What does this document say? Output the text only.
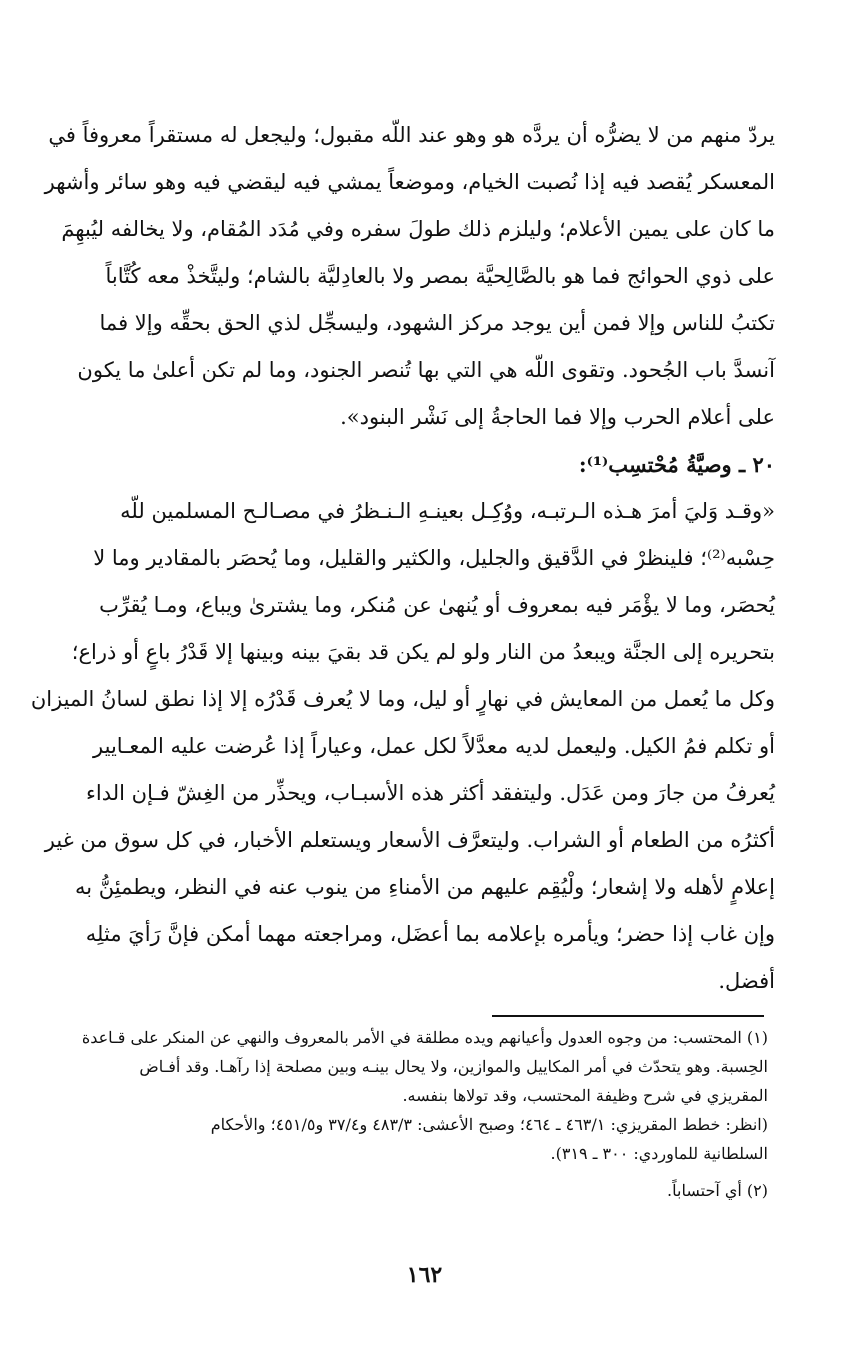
يردّ منهم من لا يضرُّه أن يردَّه هو وهو عند اللّه مقبول؛ وليجعل له مستقراً معروفاً في
المعسكر يُقصد فيه إذا نُصبت الخيام، وموضعاً يمشي فيه ليقضي فيه وهو سائر وأشهر
ما كان على يمين الأعلام؛ وليلزم ذلك طولَ سفره وفي مُدَد المُقام، ولا يخالفه ليُبهِمَ
على ذوي الحوائج فما هو بالصَّالِحيَّة بمصر ولا بالعادِليَّة بالشام؛ وليتَّخذْ معه كُتَّاباً
تكتبُ للناس وإلا فمن أين يوجد مركز الشهود، وليسجِّل لذي الحق بحقِّه وإلا فما
آنسدَّ باب الجُحود. وتقوى اللّه هي التي بها تُنصر الجنود، وما لم تكن أعلىٰ ما يكون
على أعلام الحرب وإلا فما الحاجةُ إلى نَشْر البنود».
٢٠ ـ وصيَّةُ مُحْتسِب⁽¹⁾:
«وقـد وَليَ أمرَ هـذه الـرتبـه، ووُكِـل بعينـهِ الـنـظرُ في مصـالـح المسلمين للّه
حِسْبه⁽²⁾؛ فلينظرْ في الدَّقيق والجليل، والكثير والقليل، وما يُحصَر بالمقادير وما لا
يُحصَر، وما لا يؤْمَر فيه بمعروف أو يُنهىٰ عن مُنكر، وما يشترىٰ ويباع، ومـا يُقرِّب
بتحريره إلى الجنَّة ويبعدُ من النار ولو لم يكن قد بقيَ بينه وبينها إلا قَدْرُ باعٍ أو ذراع؛
وكل ما يُعمل من المعايش في نهارٍ أو ليل، وما لا يُعرف قَدْرُه إلا إذا نطق لسانُ الميزان
أو تكلم فمُ الكيل. وليعمل لديه معدَّلاً لكل عمل، وعياراً إذا عُرضت عليه المعـايير
يُعرفُ من جارَ ومن عَدَل. وليتفقد أكثر هذه الأسبـاب، ويحذِّر من الغِشّ فـإن الداء
أكثرُه من الطعام أو الشراب. وليتعرَّف الأسعار ويستعلم الأخبار، في كل سوق من غير
إعلامٍ لأهله ولا إشعار؛ ولْيُقِم عليهم من الأمناءِ من ينوب عنه في النظر، ويطمئِنُّ به
وإن غاب إذا حضر؛ ويأمره بإعلامه بما أعضَل، ومراجعته مهما أمكن فإنَّ رَأيَ مثلِه
أفضل.
(١) المحتسب: من وجوه العدول وأعيانهم ويده مطلقة في الأمر بالمعروف والنهي عن المنكر على قـاعدة
الحِسبة. وهو يتحدّث في أمر المكاييل والموازين، ولا يحال بينـه وبين مصلحة إذا رآهـا. وقد أفـاض
المقريزي في شرح وظيفة المحتسب، وقد تولاها بنفسه.
(انظر: خطط المقريزي: ٤٦٣/١ ـ ٤٦٤؛ وصبح الأعشى: ٤٨٣/٣ و٣٧/٤ و٤٥١/٥؛ والأحكام
السلطانية للماوردي: ٣٠٠ ـ ٣١٩).
(٢) أي آحتساباً.
١٦٢
